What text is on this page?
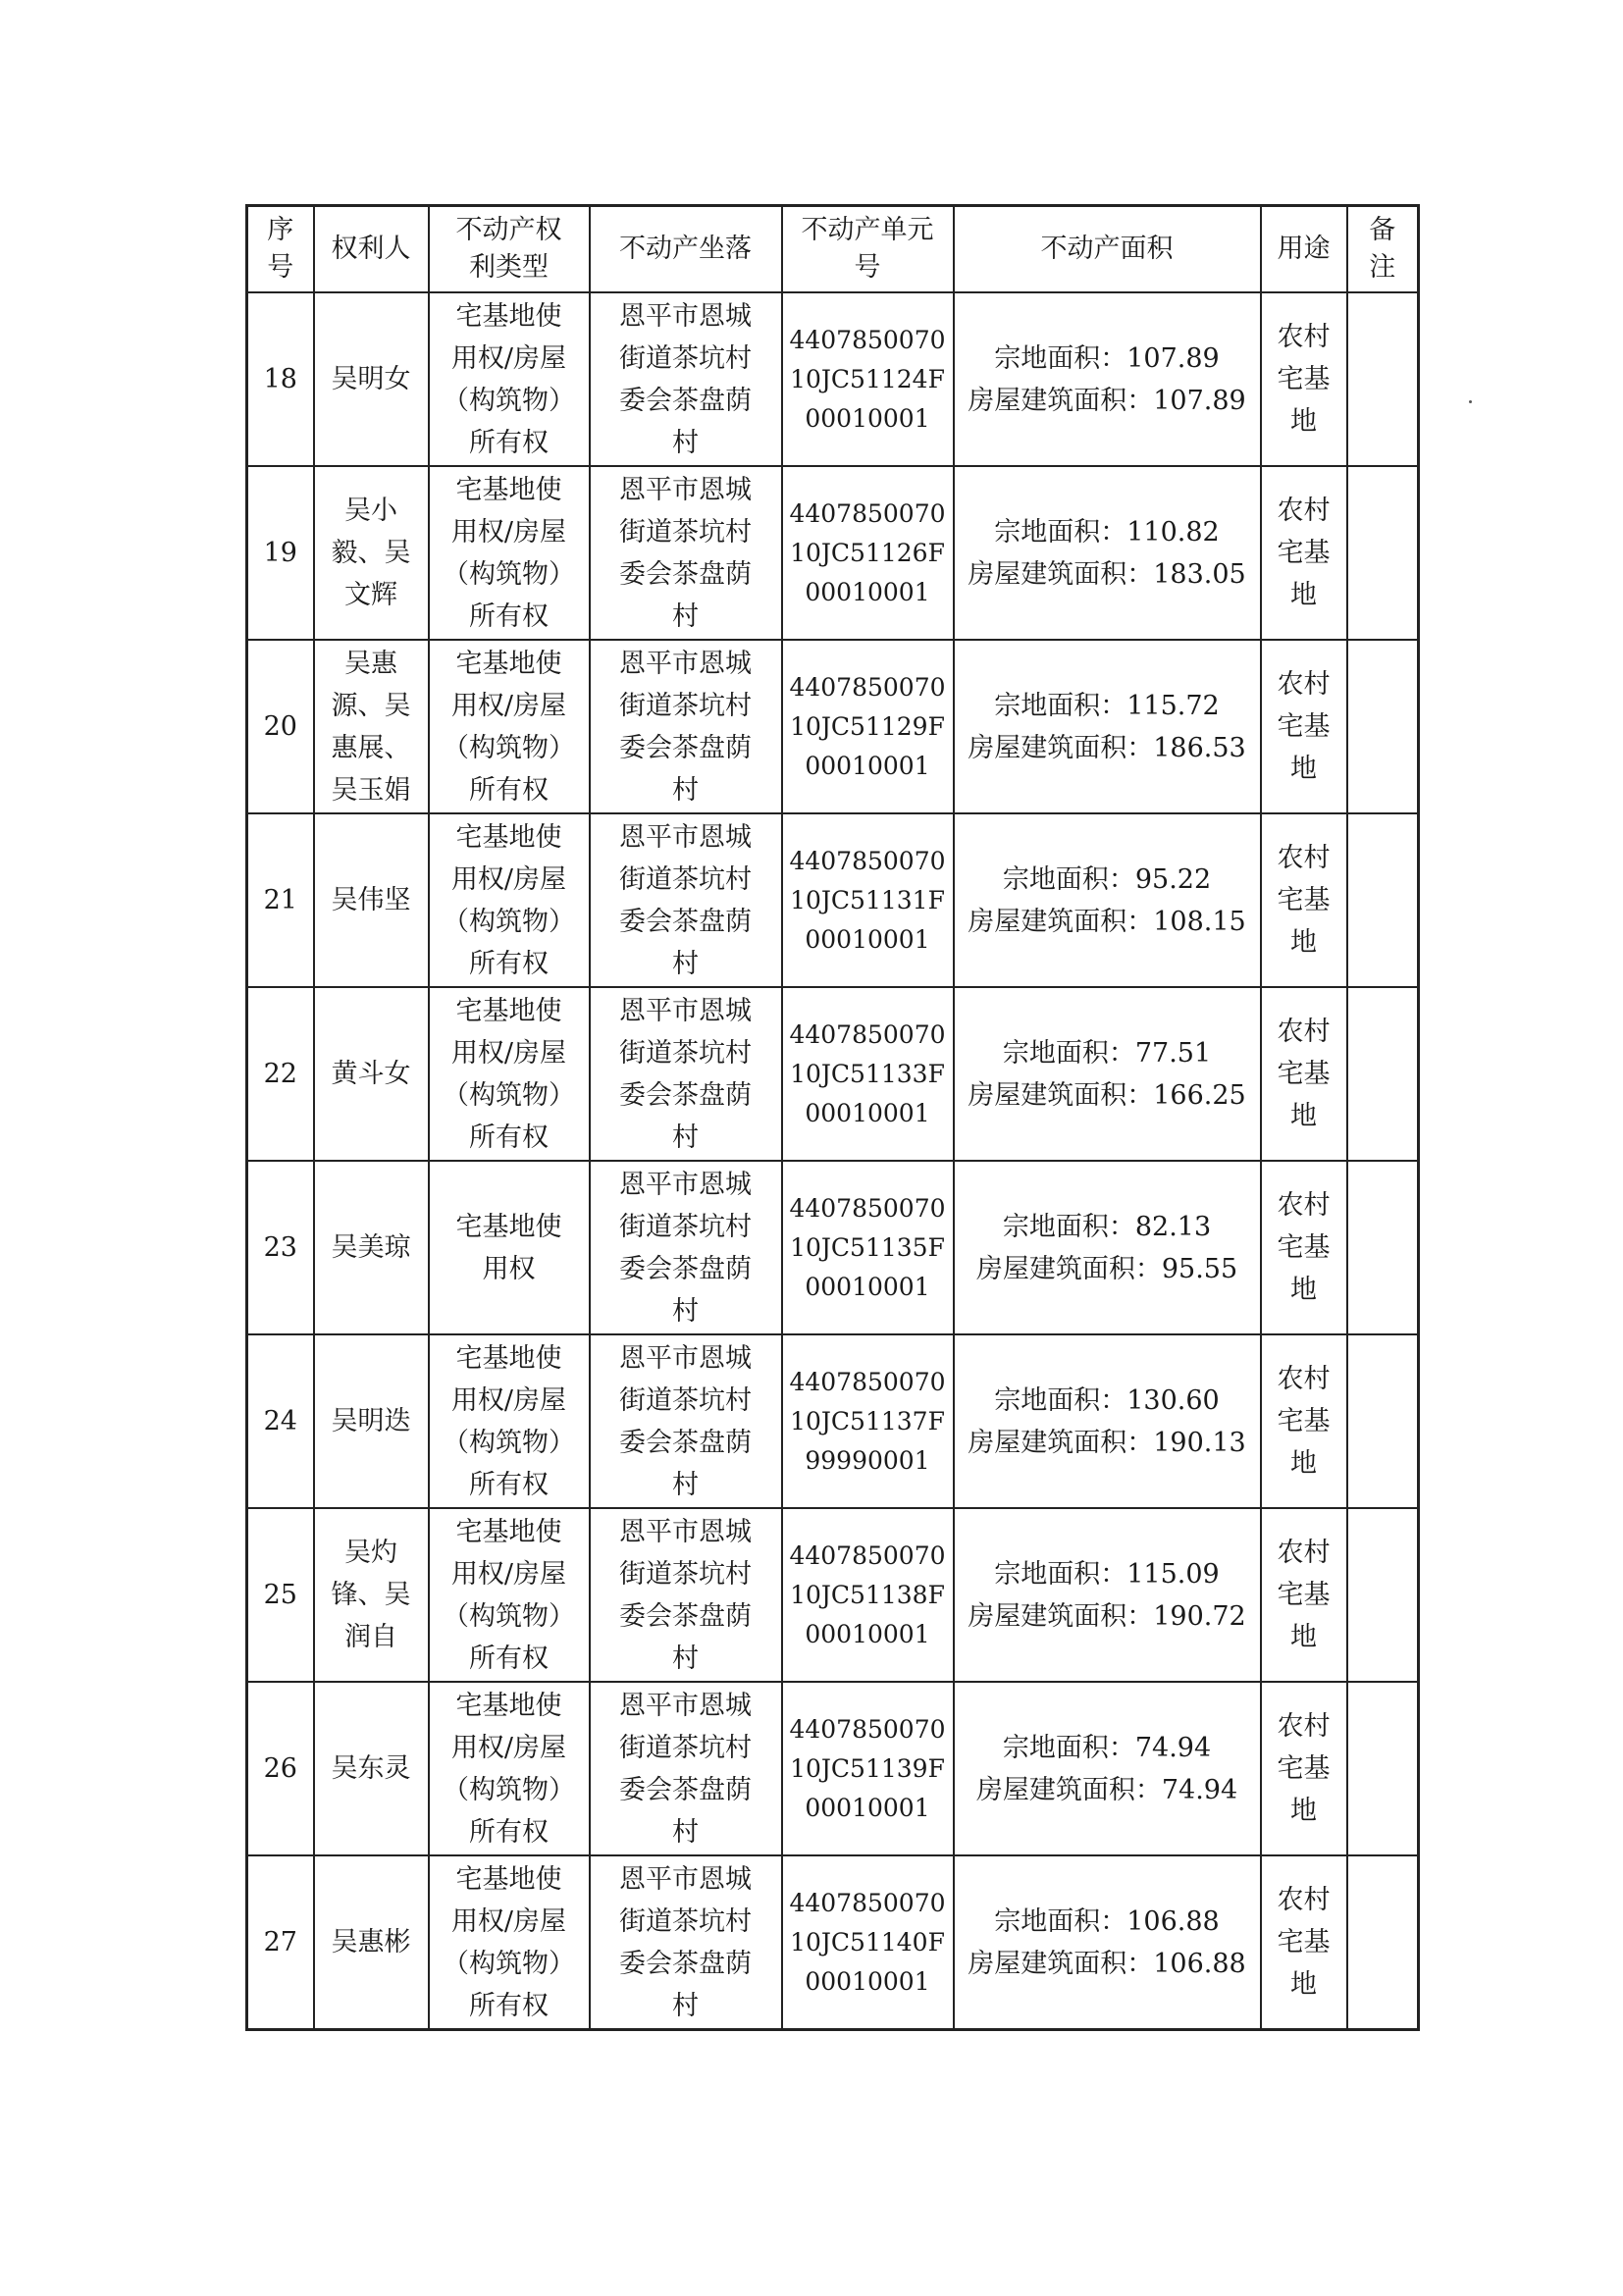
序
号	权利人	不动产权
利类型	不动产坐落	不动产单元
号	不动产面积	用途	备
注

18	吴明女	宅基地使
用权/房屋
（构筑物）
所有权	恩平市恩城
街道茶坑村
委会茶盘荫
村	4407850070
10JC51124F
00010001	宗地面积：107.89
房屋建筑面积：107.89	农村
宅基
地	

19	吴小
毅、吴
文辉	宅基地使
用权/房屋
（构筑物）
所有权	恩平市恩城
街道茶坑村
委会茶盘荫
村	4407850070
10JC51126F
00010001	宗地面积：110.82
房屋建筑面积：183.05	农村
宅基
地	

20	吴惠
源、吴
惠展、
吴玉娟	宅基地使
用权/房屋
（构筑物）
所有权	恩平市恩城
街道茶坑村
委会茶盘荫
村	4407850070
10JC51129F
00010001	宗地面积：115.72
房屋建筑面积：186.53	农村
宅基
地	

21	吴伟坚	宅基地使
用权/房屋
（构筑物）
所有权	恩平市恩城
街道茶坑村
委会茶盘荫
村	4407850070
10JC51131F
00010001	宗地面积：95.22
房屋建筑面积：108.15	农村
宅基
地	

22	黄斗女	宅基地使
用权/房屋
（构筑物）
所有权	恩平市恩城
街道茶坑村
委会茶盘荫
村	4407850070
10JC51133F
00010001	宗地面积：77.51
房屋建筑面积：166.25	农村
宅基
地	

23	吴美琼	宅基地使
用权	恩平市恩城
街道茶坑村
委会茶盘荫
村	4407850070
10JC51135F
00010001	宗地面积：82.13
房屋建筑面积：95.55	农村
宅基
地	

24	吴明迭	宅基地使
用权/房屋
（构筑物）
所有权	恩平市恩城
街道茶坑村
委会茶盘荫
村	4407850070
10JC51137F
99990001	宗地面积：130.60
房屋建筑面积：190.13	农村
宅基
地	

25	吴灼
锋、吴
润自	宅基地使
用权/房屋
（构筑物）
所有权	恩平市恩城
街道茶坑村
委会茶盘荫
村	4407850070
10JC51138F
00010001	宗地面积：115.09
房屋建筑面积：190.72	农村
宅基
地	

26	吴东灵	宅基地使
用权/房屋
（构筑物）
所有权	恩平市恩城
街道茶坑村
委会茶盘荫
村	4407850070
10JC51139F
00010001	宗地面积：74.94
房屋建筑面积：74.94	农村
宅基
地	

27	吴惠彬	宅基地使
用权/房屋
（构筑物）
所有权	恩平市恩城
街道茶坑村
委会茶盘荫
村	4407850070
10JC51140F
00010001	宗地面积：106.88
房屋建筑面积：106.88	农村
宅基
地	
